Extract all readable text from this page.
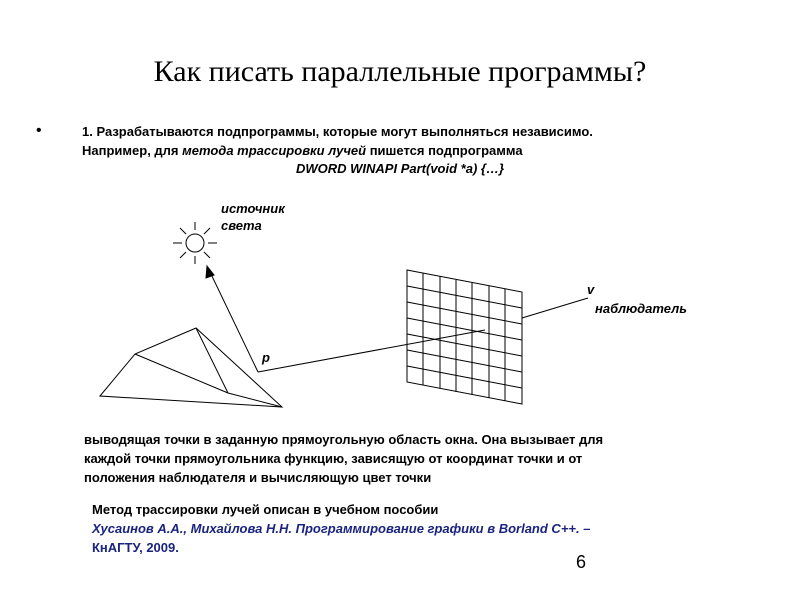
Как писать параллельные программы?
•	1. Разрабатываются подпрограммы, которые могут выполняться независимо.
Например, для метода трассировки лучей пишется подпрограмма
DWORD WINAPI Part(void *a) {…}
источник
света
p
v
наблюдатель
выводящая точки в заданную прямоугольную область окна. Она вызывает для
каждой точки прямоугольника функцию, зависящую от координат точки и от
положения наблюдателя и вычисляющую цвет точки
Метод трассировки лучей описан в учебном пособии
Хусаинов А.А., Михайлова Н.Н. Программирование графики в Borland C++. –
КнАГТУ, 2009.
6
